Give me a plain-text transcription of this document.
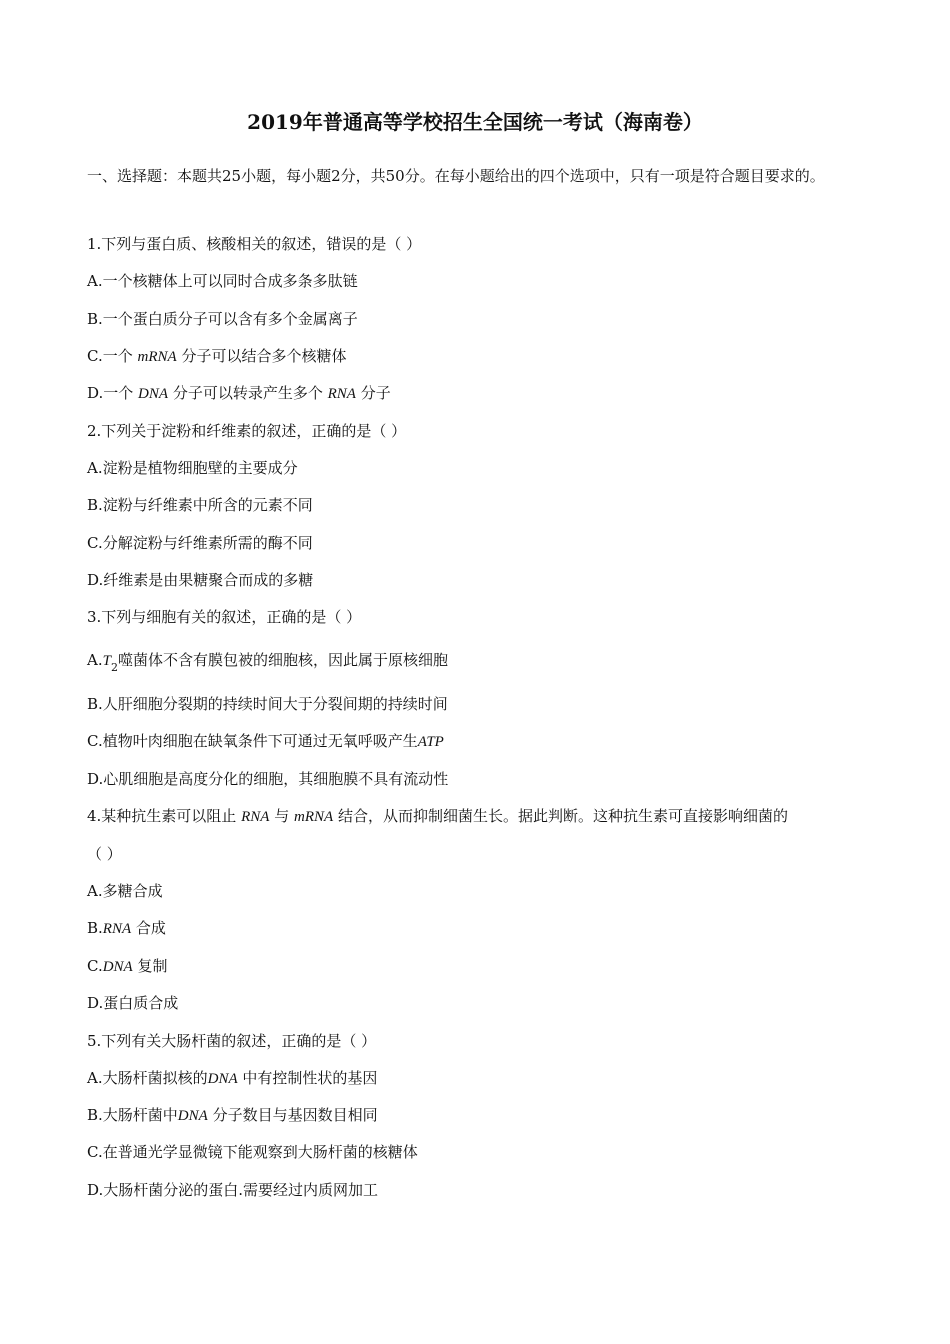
2019年普通高等学校招生全国统一考试（海南卷）
一、选择题：本题共25小题，每小题2分，共50分。在每小题给出的四个选项中，只有一项是符合题目要求的。
1.下列与蛋白质、核酸相关的叙述，错误的是（ ）
A.一个核糖体上可以同时合成多条多肽链
B.一个蛋白质分子可以含有多个金属离子
C.一个 mRNA 分子可以结合多个核糖体
D.一个 DNA 分子可以转录产生多个 RNA 分子
2.下列关于淀粉和纤维素的叙述，正确的是（ ）
A.淀粉是植物细胞壁的主要成分
B.淀粉与纤维素中所含的元素不同
C.分解淀粉与纤维素所需的酶不同
D.纤维素是由果糖聚合而成的多糖
3.下列与细胞有关的叙述，正确的是（ ）
$A.T_2$噬菌体不含有膜包被的细胞核，因此属于原核细胞
B.人肝细胞分裂期的持续时间大于分裂间期的持续时间
C.植物叶肉细胞在缺氧条件下可通过无氧呼吸产生ATP
D.心肌细胞是高度分化的细胞，其细胞膜不具有流动性
4.某种抗生素可以阻止 RNA 与 mRNA 结合，从而抑制细菌生长。据此判断。这种抗生素可直接影响细菌的
（ ）
A.多糖合成
B.RNA 合成
C.DNA 复制
D.蛋白质合成
5.下列有关大肠杆菌的叙述，正确的是（ ）
A.大肠杆菌拟核的DNA 中有控制性状的基因
B.大肠杆菌中DNA 分子数目与基因数目相同
C.在普通光学显微镜下能观察到大肠杆菌的核糖体
D.大肠杆菌分泌的蛋白.需要经过内质网加工
